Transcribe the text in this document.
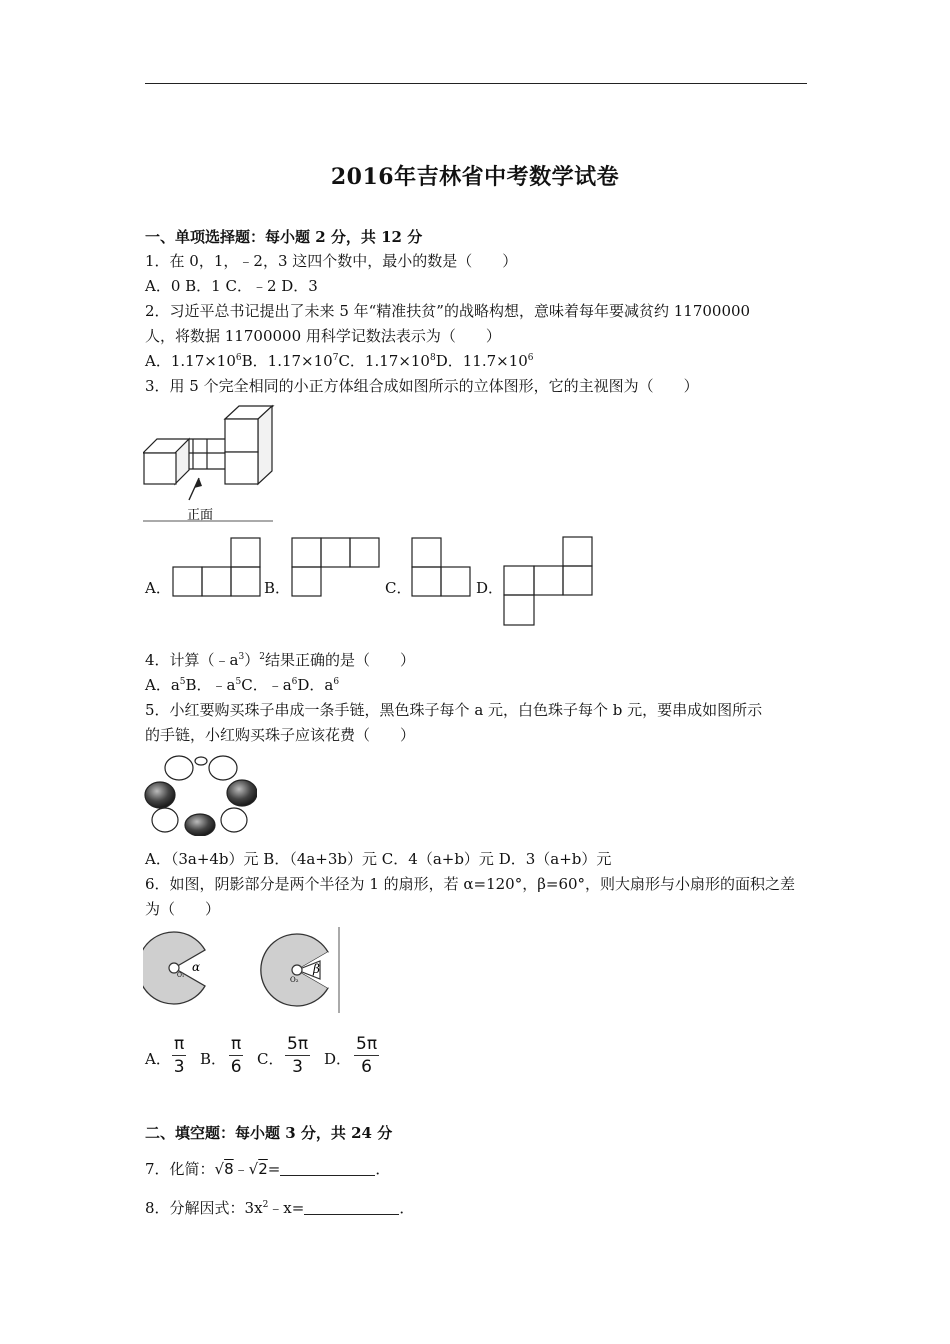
2016年吉林省中考数学试卷
一、单项选择题：每小题 2 分，共 12 分
1．在 0，1，﹣2，3 这四个数中，最小的数是（　　）
A．0 B．1 C．﹣2 D．3
2．习近平总书记提出了未来 5 年“精准扶贫”的战略构想，意味着每年要减贫约 11700000
人，将数据 11700000 用科学记数法表示为（　　）
A．$1.17\times 10^6B$．$1.17\times 10^7C$．$1.17\times 10^8D$．$11.7\times 10^6$
3．用 5 个完全相同的小正方体组合成如图所示的立体图形，它的主视图为（　　）
正面
A．	B．	C．	D．
4．计算$(﹣a^3)^2$结果正确的是（　　）
A．$a^5B$．$﹣a^5C$．$﹣a^6D$．$a^6$
5．小红要购买珠子串成一条手链，黑色珠子每个 a 元，白色珠子每个 b 元，要串成如图所示
的手链，小红购买珠子应该花费（　　）
A．（3a+4b）元 B．（4a+3b）元 C．4（a+b）元 D．3（a+b）元
6．如图，阴影部分是两个半径为 1 的扇形，若 α=120°，β=60°，则大扇形与小扇形的面积之差
为（　　）
α
O₁	β
O₂
A． $\frac{\pi}{3}$ B． $\frac{\pi}{6}$ C． $\frac{5\pi}{3}$ D． $\frac{5\pi}{6}$
二、填空题：每小题 3 分，共 24 分
7．化简：√8﹣√2=	．
8．分解因式：$3x^2﹣x=$	．
